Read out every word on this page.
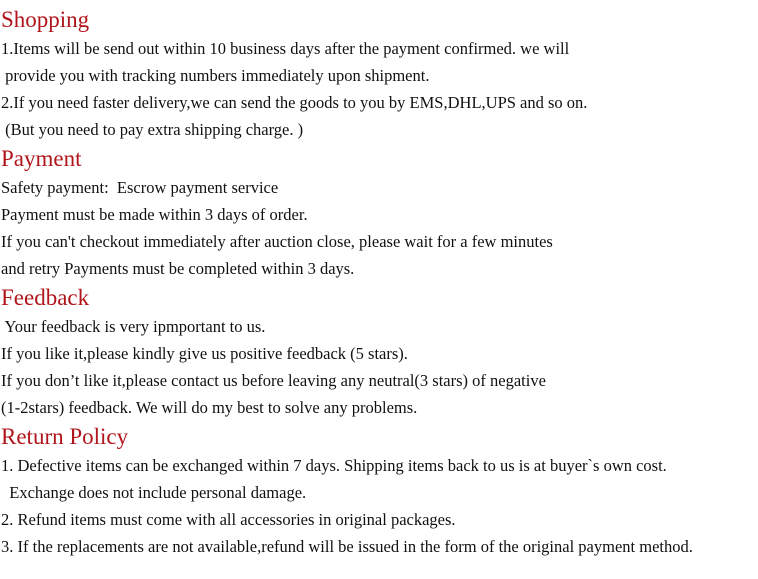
Shopping

1.Items will be send out within 10 business days after the payment confirmed. we will

provide you with tracking numbers immediately upon shipment.

2.If you need faster delivery,we can send the goods to you by EMS,DHL,UPS and so on.

(But you need to pay extra shipping charge. )

Payment

Safety payment:  Escrow payment service

Payment must be made within 3 days of order.

If you can't checkout immediately after auction close, please wait for a few minutes

and retry Payments must be completed within 3 days.

Feedback

Your feedback is very ipmportant to us.

If you like it,please kindly give us positive feedback (5 stars).

If you don’t like it,please contact us before leaving any neutral(3 stars) of negative

(1-2stars) feedback. We will do my best to solve any problems.

Return Policy

1. Defective items can be exchanged within 7 days. Shipping items back to us is at buyer`s own cost.

Exchange does not include personal damage.

2. Refund items must come with all accessories in original packages.

3. If the replacements are not available,refund will be issued in the form of the original payment method.
